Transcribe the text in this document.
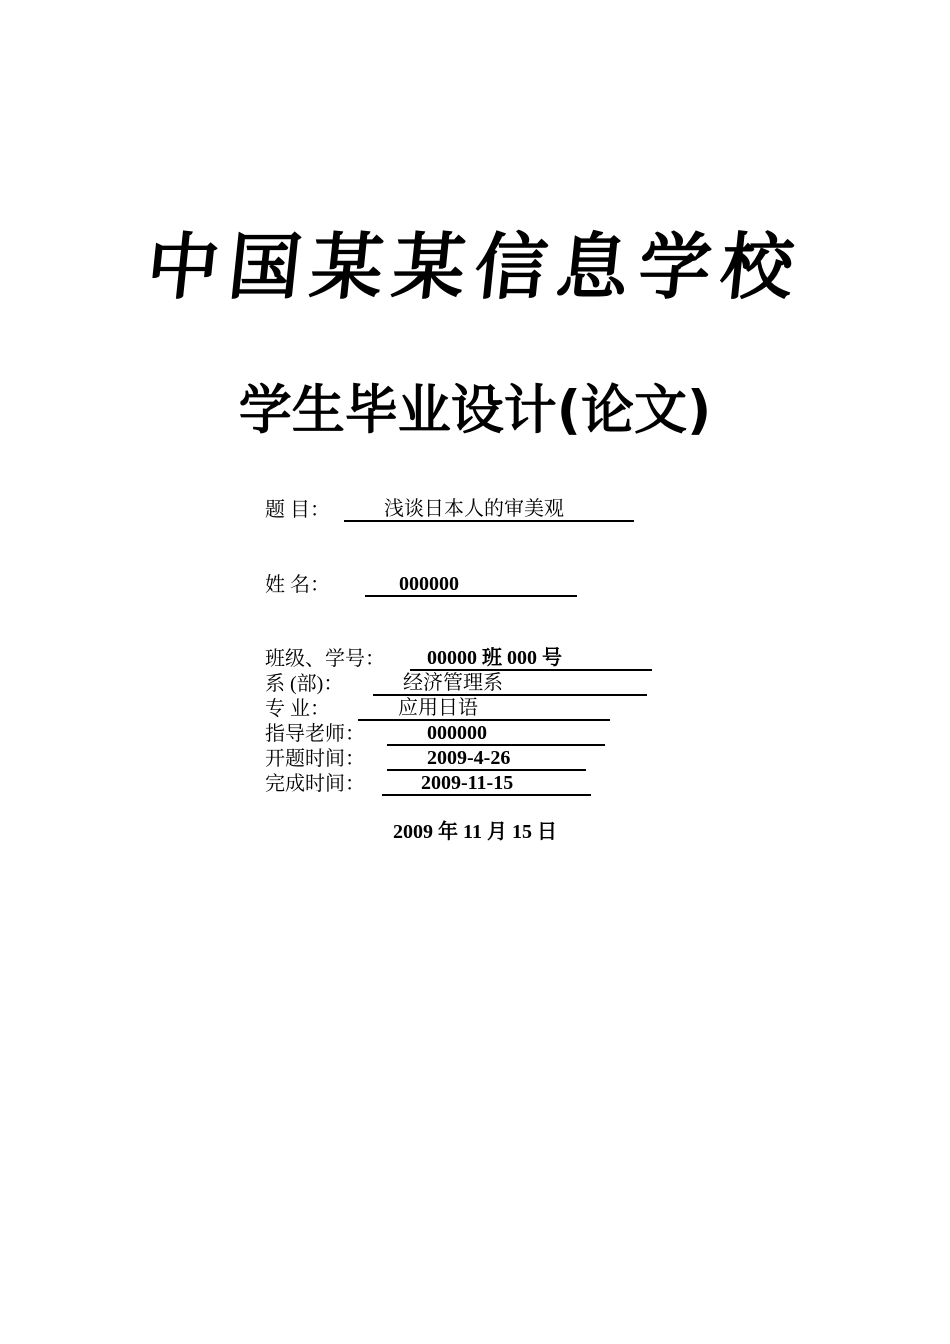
中国某某信息学校
学生毕业设计(论文)
题 目：	浅谈日本人的审美观
姓 名：	000000
班级、学号： 00000 班 000 号
系 (部)：	经济管理系
专 业：	应用日语
指导老师：	000000
开题时间：	2009-4-26
完成时间：	2009-11-15
2009 年 11 月 15 日
